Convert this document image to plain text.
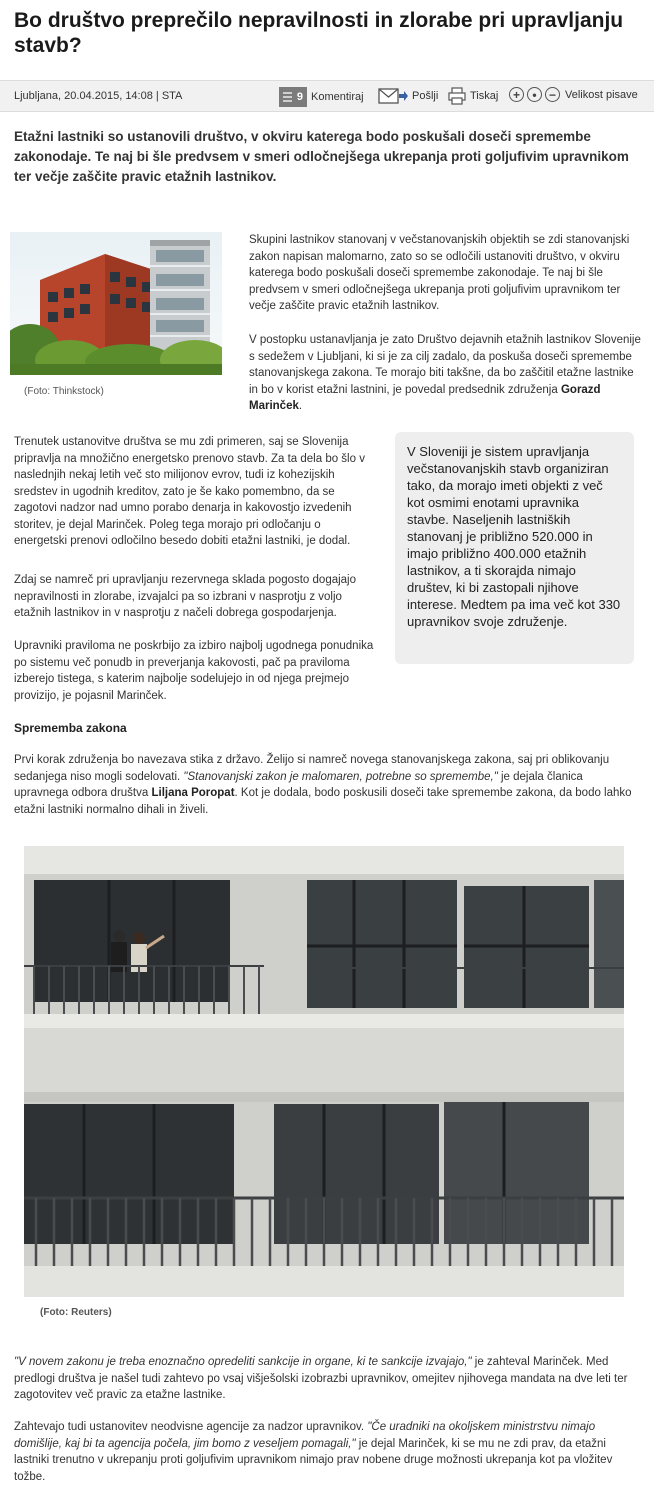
Bo društvo preprečilo nepravilnosti in zlorabe pri upravljanju stavb?
Ljubljana, 20.04.2015, 14:08 | STA	9 Komentiraj	Pošlji	Tiskaj	+	•	− Velikost pisave

Etažni lastniki so ustanovili društvo, v okviru katerega bodo poskušali doseči spremembe zakonodaje. Te naj bi šle predvsem v smeri odločnejšega ukrepanja proti goljufivim upravnikom ter večje zaščite pravic etažnih lastnikov.

(Foto: Thinkstock)

Skupini lastnikov stanovanj v večstanovanjskih objektih se zdi stanovanjski zakon napisan malomarno, zato so se odločili ustanoviti društvo, v okviru katerega bodo poskušali doseči spremembe zakonodaje. Te naj bi šle predvsem v smeri odločnejšega ukrepanja proti goljufivim upravnikom ter večje zaščite pravic etažnih lastnikov.

V postopku ustanavljanja je zato Društvo dejavnih etažnih lastnikov Slovenije s sedežem v Ljubljani, ki si je za cilj zadalo, da poskuša doseči spremembe stanovanjskega zakona. Te morajo biti takšne, da bo zaščitil etažne lastnike in bo v korist etažni lastnini, je povedal predsednik združenja Gorazd Marinček.

Trenutek ustanovitve društva se mu zdi primeren, saj se Slovenija pripravlja na množično energetsko prenovo stavb. Za ta dela bo šlo v naslednjih nekaj letih več sto milijonov evrov, tudi iz kohezijskih sredstev in ugodnih kreditov, zato je še kako pomembno, da se zagotovi nadzor nad umno porabo denarja in kakovostjo izvedenih storitev, je dejal Marinček. Poleg tega morajo pri odločanju o energetski prenovi odločilno besedo dobiti etažni lastniki, je dodal.

Zdaj se namreč pri upravljanju rezervnega sklada pogosto dogajajo nepravilnosti in zlorabe, izvajalci pa so izbrani v nasprotju z voljo etažnih lastnikov in v nasprotju z načeli dobrega gospodarjenja.

Upravniki praviloma ne poskrbijo za izbiro najbolj ugodnega ponudnika po sistemu več ponudb in preverjanja kakovosti, pač pa praviloma izberejo tistega, s katerim najbolje sodelujejo in od njega prejmejo provizijo, je pojasnil Marinček.

V Sloveniji je sistem upravljanja večstanovanjskih stavb organiziran tako, da morajo imeti objekti z več kot osmimi enotami upravnika stavbe. Naseljenih lastniških stanovanj je približno 520.000 in imajo približno 400.000 etažnih lastnikov, a ti skorajda nimajo društev, ki bi zastopali njihove interese. Medtem pa ima več kot 330 upravnikov svoje združenje.
Sprememba zakona

Prvi korak združenja bo navezava stika z državo. Želijo si namreč novega stanovanjskega zakona, saj pri oblikovanju sedanjega niso mogli sodelovati. "Stanovanjski zakon je malomaren, potrebne so spremembe," je dejala članica upravnega odbora društva Liljana Poropat. Kot je dodala, bodo poskusili doseči take spremembe zakona, da bodo lahko etažni lastniki normalno dihali in živeli.

(Foto: Reuters)

"V novem zakonu je treba enoznačno opredeliti sankcije in organe, ki te sankcije izvajajo," je zahteval Marinček. Med predlogi društva je našel tudi zahtevo po vsaj višješolski izobrazbi upravnikov, omejitev njihovega mandata na dve leti ter zagotovitev več pravic za etažne lastnike.

Zahtevajo tudi ustanovitev neodvisne agencije za nadzor upravnikov. "Če uradniki na okoljskem ministrstvu nimajo domišlije, kaj bi ta agencija počela, jim bomo z veseljem pomagali," je dejal Marinček, ki se mu ne zdi prav, da etažni lastniki trenutno v ukrepanju proti goljufivim upravnikom nimajo prav nobene druge možnosti ukrepanja kot pa vložitev tožbe.
